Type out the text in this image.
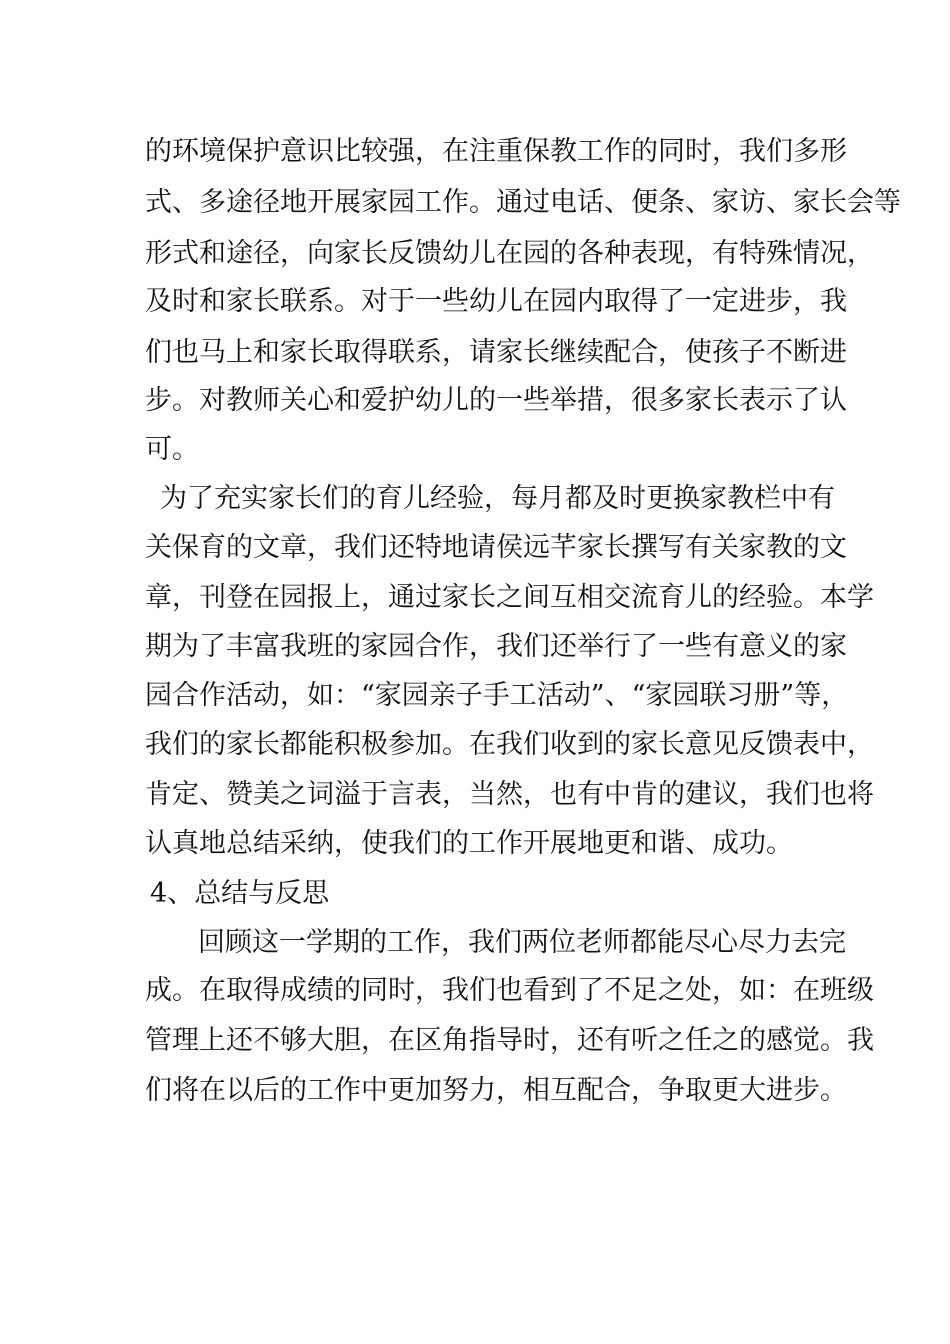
的环境保护意识比较强，在注重保教工作的同时，我们多形
式、多途径地开展家园工作。通过电话、便条、家访、家长会等
形式和途径，向家长反馈幼儿在园的各种表现，有特殊情况，
及时和家长联系。对于一些幼儿在园内取得了一定进步，我
们也马上和家长取得联系，请家长继续配合，使孩子不断进
步。对教师关心和爱护幼儿的一些举措，很多家长表示了认
可。
为了充实家长们的育儿经验，每月都及时更换家教栏中有
关保育的文章，我们还特地请侯远芊家长撰写有关家教的文
章，刊登在园报上，通过家长之间互相交流育儿的经验。本学
期为了丰富我班的家园合作，我们还举行了一些有意义的家
园合作活动，如：“家园亲子手工活动”、“家园联习册”等，
我们的家长都能积极参加。在我们收到的家长意见反馈表中，
肯定、赞美之词溢于言表，当然，也有中肯的建议，我们也将
认真地总结采纳，使我们的工作开展地更和谐、成功。
4、总结与反思
回顾这一学期的工作，我们两位老师都能尽心尽力去完
成。在取得成绩的同时，我们也看到了不足之处，如：在班级
管理上还不够大胆，在区角指导时，还有听之任之的感觉。我
们将在以后的工作中更加努力，相互配合，争取更大进步。
